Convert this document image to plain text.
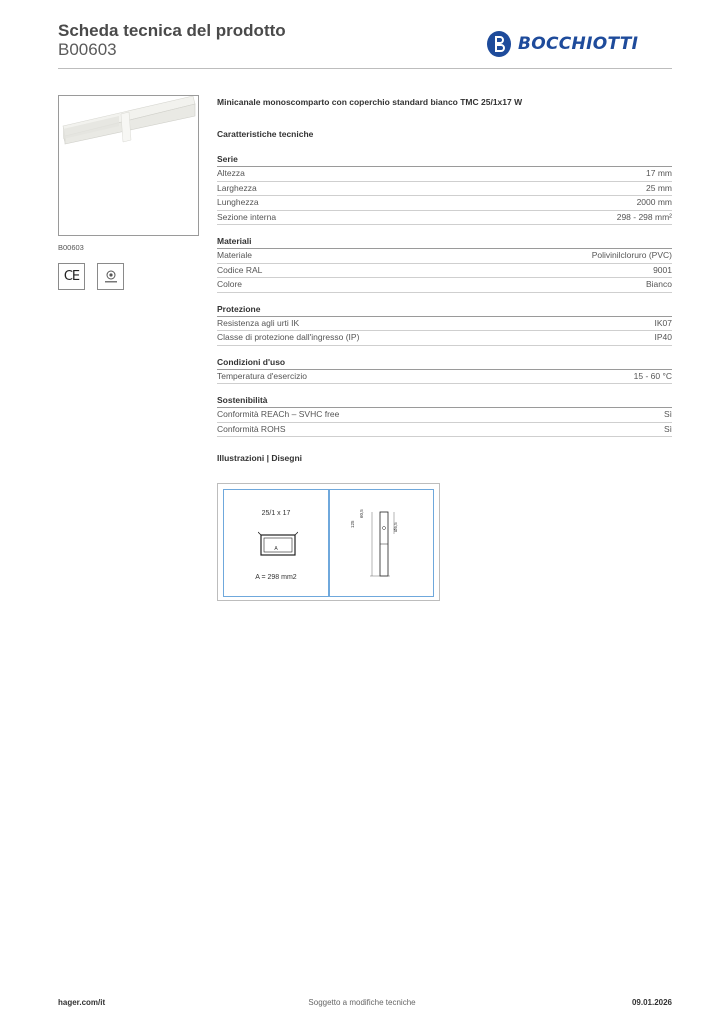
Scheda tecnica del prodotto
B00603	BOCCHIOTTI
B00603
CE
Minicanale monoscomparto con coperchio standard bianco TMC 25/1x17 W
Caratteristiche tecniche
Serie
Altezza	17 mm
Larghezza	25 mm
Lunghezza	2000 mm
Sezione interna	298 - 298 mm²
Materiali
Materiale	Polivinilcloruro (PVC)
Codice RAL	9001
Colore	Bianco
Protezione
Resistenza agli urti IK	IK07
Classe di protezione dall'ingresso (IP)	IP40
Condizioni d'uso
Temperatura d'esercizio	15 - 60 °C
Sostenibilità
Conformità REACh – SVHC free	Sì
Conformità ROHS	Sì
Illustrazioni | Disegni
25/1 x 17
A
A = 298 mm2
125
60,5
Ø5,5
hager.com/it	Soggetto a modifiche tecniche	09.01.2026
